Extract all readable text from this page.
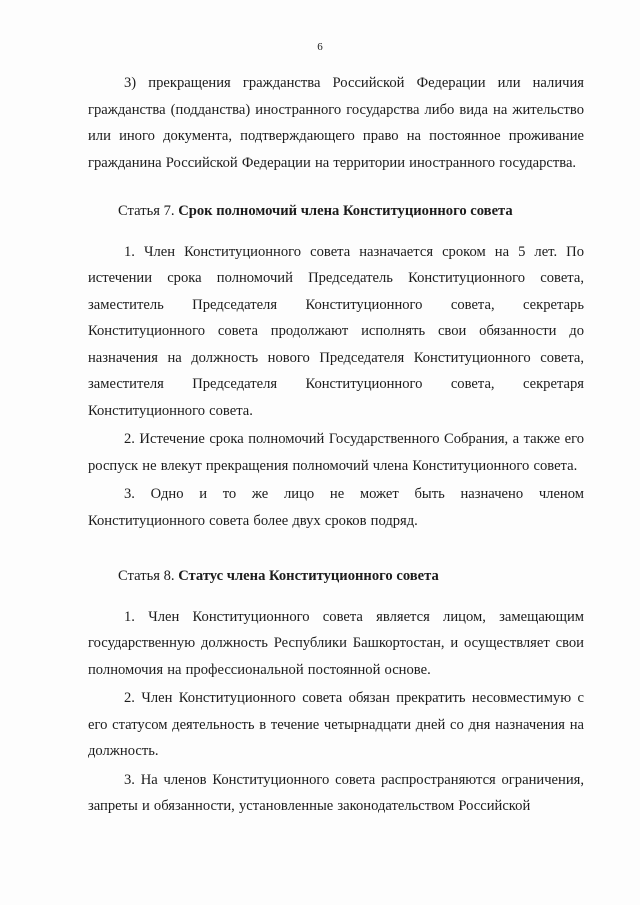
6

3) прекращения гражданства Российской Федерации или наличия гражданства (подданства) иностранного государства либо вида на жительство или иного документа, подтверждающего право на постоянное проживание гражданина Российской Федерации на территории иностранного государства.

Статья 7. Срок полномочий члена Конституционного совета

1. Член Конституционного совета назначается сроком на 5 лет. По истечении срока полномочий Председатель Конституционного совета, заместитель Председателя Конституционного совета, секретарь Конституционного совета продолжают исполнять свои обязанности до назначения на должность нового Председателя Конституционного совета, заместителя Председателя Конституционного совета, секретаря Конституционного совета.

2. Истечение срока полномочий Государственного Собрания, а также его роспуск не влекут прекращения полномочий члена Конституционного совета.

3. Одно и то же лицо не может быть назначено членом Конституционного совета более двух сроков подряд.

Статья 8. Статус члена Конституционного совета

1. Член Конституционного совета является лицом, замещающим государственную должность Республики Башкортостан, и осуществляет свои полномочия на профессиональной постоянной основе.

2. Член Конституционного совета обязан прекратить несовместимую с его статусом деятельность в течение четырнадцати дней со дня назначения на должность.

3. На членов Конституционного совета распространяются ограничения, запреты и обязанности, установленные законодательством Российской
